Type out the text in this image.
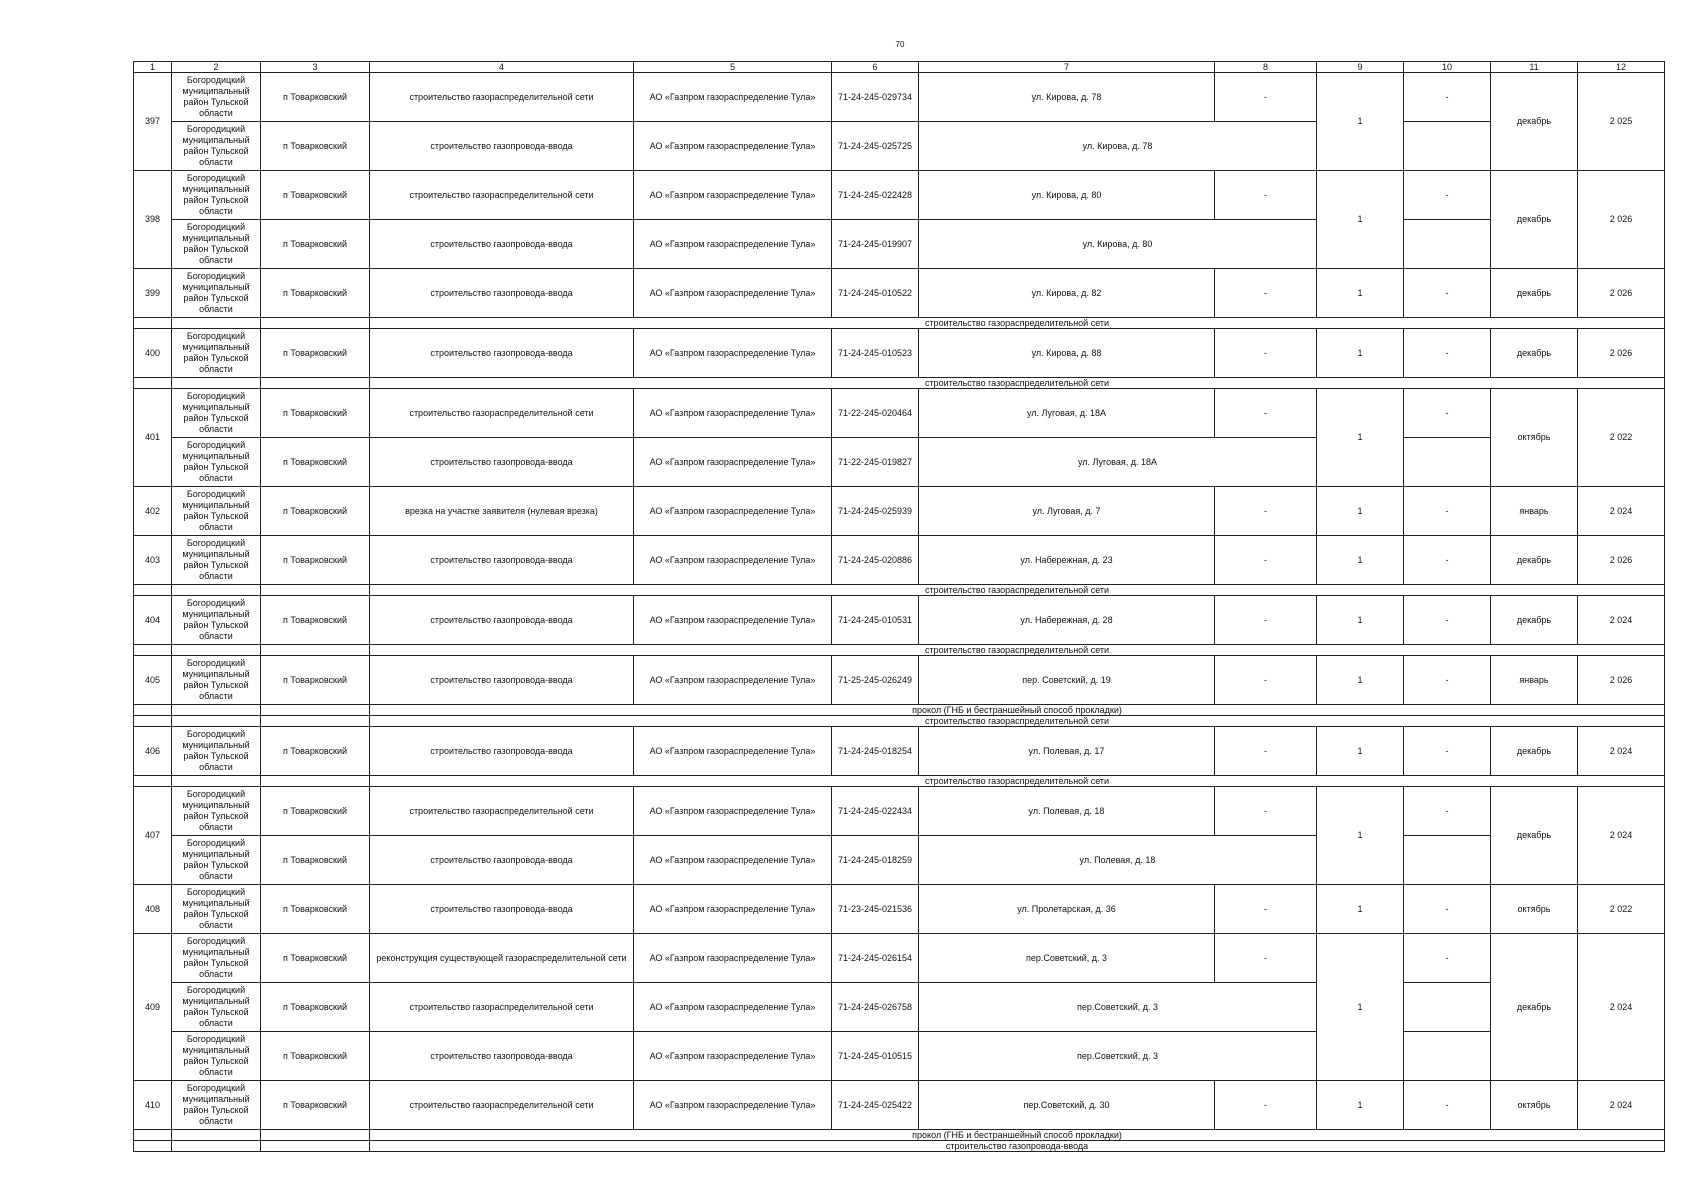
70
1	2	3	4	5	6	7	8	9	10	11	12
397	Богородицкий муниципальный район Тульской области	п Товарковский	строительство газораспределительной сети	АО «Газпром газораспределение Тула»	71-24-245-029734	ул. Кирова, д. 78	-	1	-	декабрь	2 025
	Богородицкий муниципальный район Тульской области	п Товарковский	строительство газопровода-ввода	АО «Газпром газораспределение Тула»	71-24-245-025725	ул. Кирова, д. 78					
398	Богородицкий муниципальный район Тульской области	п Товарковский	строительство газораспределительной сети	АО «Газпром газораспределение Тула»	71-24-245-022428	ул. Кирова, д. 80	-	1	-	декабрь	2 026
	Богородицкий муниципальный район Тульской области	п Товарковский	строительство газопровода-ввода	АО «Газпром газораспределение Тула»	71-24-245-019907	ул. Кирова, д. 80					
399	Богородицкий муниципальный район Тульской области	п Товарковский	строительство газопровода-ввода	АО «Газпром газораспределение Тула»	71-24-245-010522	ул. Кирова, д. 82	-	1	-	декабрь	2 026
			строительство газораспределительной сети								
400	Богородицкий муниципальный район Тульской области	п Товарковский	строительство газопровода-ввода	АО «Газпром газораспределение Тула»	71-24-245-010523	ул. Кирова, д. 88	-	1	-	декабрь	2 026
			строительство газораспределительной сети								
401	Богородицкий муниципальный район Тульской области	п Товарковский	строительство газораспределительной сети	АО «Газпром газораспределение Тула»	71-22-245-020464	ул. Луговая, д. 18А	-	1	-	октябрь	2 022
	Богородицкий муниципальный район Тульской области	п Товарковский	строительство газопровода-ввода	АО «Газпром газораспределение Тула»	71-22-245-019827	ул. Луговая, д. 18А					
402	Богородицкий муниципальный район Тульской области	п Товарковский	врезка на участке заявителя (нулевая врезка)	АО «Газпром газораспределение Тула»	71-24-245-025939	ул. Луговая, д. 7	-	1	-	январь	2 024
403	Богородицкий муниципальный район Тульской области	п Товарковский	строительство газопровода-ввода	АО «Газпром газораспределение Тула»	71-24-245-020886	ул. Набережная, д. 23	-	1	-	декабрь	2 026
			строительство газораспределительной сети								
404	Богородицкий муниципальный район Тульской области	п Товарковский	строительство газопровода-ввода	АО «Газпром газораспределение Тула»	71-24-245-010531	ул. Набережная, д. 28	-	1	-	декабрь	2 024
			строительство газораспределительной сети								
405	Богородицкий муниципальный район Тульской области	п Товарковский	строительство газопровода-ввода	АО «Газпром газораспределение Тула»	71-25-245-026249	пер. Советский, д. 19	-	1	-	январь	2 026
			прокол (ГНБ и бестраншейный способ прокладки)								
			строительство газораспределительной сети								
406	Богородицкий муниципальный район Тульской области	п Товарковский	строительство газопровода-ввода	АО «Газпром газораспределение Тула»	71-24-245-018254	ул. Полевая, д. 17	-	1	-	декабрь	2 024
			строительство газораспределительной сети								
407	Богородицкий муниципальный район Тульской области	п Товарковский	строительство газораспределительной сети	АО «Газпром газораспределение Тула»	71-24-245-022434	ул. Полевая, д. 18	-	1	-	декабрь	2 024
	Богородицкий муниципальный район Тульской области	п Товарковский	строительство газопровода-ввода	АО «Газпром газораспределение Тула»	71-24-245-018259	ул. Полевая, д. 18					
408	Богородицкий муниципальный район Тульской области	п Товарковский	строительство газопровода-ввода	АО «Газпром газораспределение Тула»	71-23-245-021536	ул. Пролетарская, д. 36	-	1	-	октябрь	2 022
409	Богородицкий муниципальный район Тульской области	п Товарковский	реконструкция существующей газораспределительной сети	АО «Газпром газораспределение Тула»	71-24-245-026154	пер.Советский, д. 3	-	1	-	декабрь	2 024
	Богородицкий муниципальный район Тульской области	п Товарковский	строительство газораспределительной сети	АО «Газпром газораспределение Тула»	71-24-245-026758	пер.Советский, д. 3					
	Богородицкий муниципальный район Тульской области	п Товарковский	строительство газопровода-ввода	АО «Газпром газораспределение Тула»	71-24-245-010515	пер.Советский, д. 3					
410	Богородицкий муниципальный район Тульской области	п Товарковский	строительство газораспределительной сети	АО «Газпром газораспределение Тула»	71-24-245-025422	пер.Советский, д. 30	-	1	-	октябрь	2 024
			прокол (ГНБ и бестраншейный способ прокладки)								
			строительство газопровода-ввода								
